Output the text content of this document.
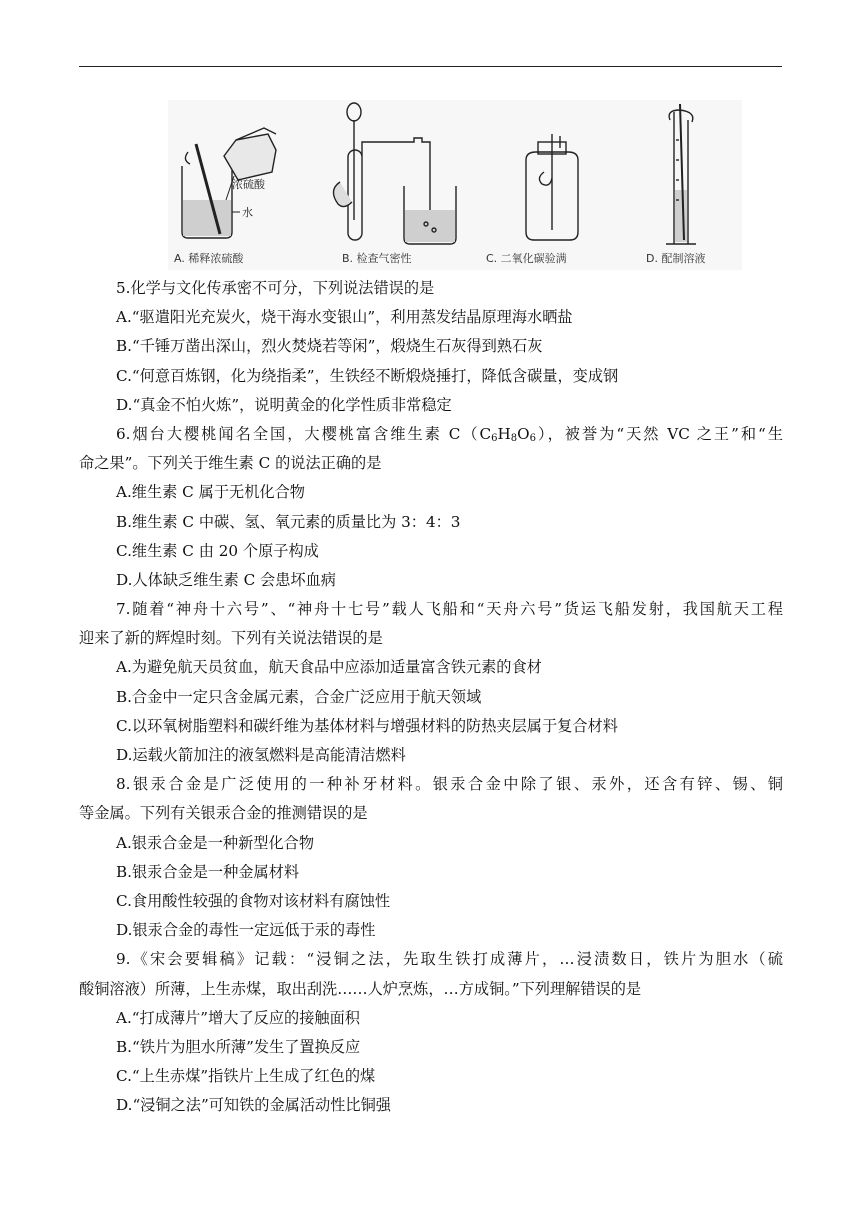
浓硫酸
水
A. 稀释浓硫酸	B. 检查气密性	C. 二氧化碳验满	D. 配制溶液
5.化学与文化传承密不可分，下列说法错误的是
A.“驱遣阳光充炭火，烧干海水变银山”，利用蒸发结晶原理海水晒盐
B.“千锤万凿出深山，烈火焚烧若等闲”，煅烧生石灰得到熟石灰
C.“何意百炼钢，化为绕指柔”，生铁经不断煅烧捶打，降低含碳量，变成钢
D.“真金不怕火炼”，说明黄金的化学性质非常稳定
6.烟台大樱桃闻名全国，大樱桃富含维生素 $C(C_6H_8O_6)$，被誉为“天然 VC 之王”和“生
命之果”。下列关于维生素 C 的说法正确的是
A.维生素 C 属于无机化合物
B.维生素 C 中碳、氢、氧元素的质量比为 3：4：3
C.维生素 C 由 20 个原子构成
D.人体缺乏维生素 C 会患坏血病
7.随着“神舟十六号”、“神舟十七号”载人飞船和“天舟六号”货运飞船发射，我国航天工程
迎来了新的辉煌时刻。下列有关说法错误的是
A.为避免航天员贫血，航天食品中应添加适量富含铁元素的食材
B.合金中一定只含金属元素，合金广泛应用于航天领域
C.以环氧树脂塑料和碳纤维为基体材料与增强材料的防热夹层属于复合材料
D.运载火箭加注的液氢燃料是高能清洁燃料
8.银汞合金是广泛使用的一种补牙材料。银汞合金中除了银、汞外，还含有锌、锡、铜
等金属。下列有关银汞合金的推测错误的是
A.银汞合金是一种新型化合物
B.银汞合金是一种金属材料
C.食用酸性较强的食物对该材料有腐蚀性
D.银汞合金的毒性一定远低于汞的毒性
9.《宋会要辑稿》记载：“浸铜之法，先取生铁打成薄片，…浸渍数日，铁片为胆水（硫
酸铜溶液）所薄，上生赤煤，取出刮洗……人炉烹炼，…方成铜。”下列理解错误的是
A.“打成薄片”增大了反应的接触面积
B.“铁片为胆水所薄”发生了置换反应
C.“上生赤煤”指铁片上生成了红色的煤
D.“浸铜之法”可知铁的金属活动性比铜强
